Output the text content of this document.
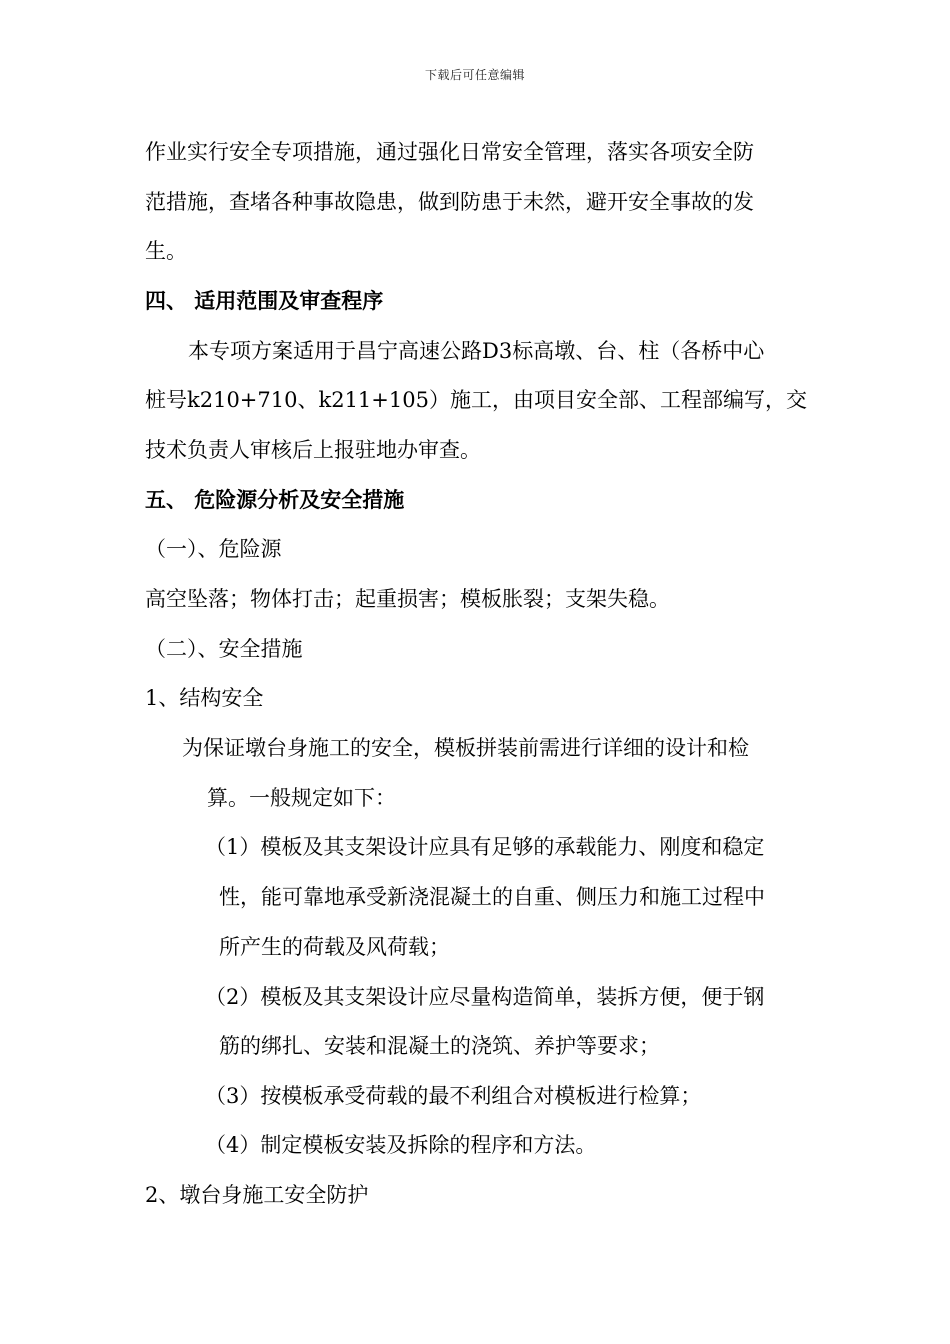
下载后可任意编辑
作业实行安全专项措施，通过强化日常安全管理，落实各项安全防
范措施，查堵各种事故隐患，做到防患于未然，避开安全事故的发
生。
四、 适用范围及审查程序
本专项方案适用于昌宁高速公路D3标高墩、台、柱（各桥中心
桩号k210+710、k211+105）施工，由项目安全部、工程部编写，交
技术负责人审核后上报驻地办审查。
五、 危险源分析及安全措施
（一）、危险源
高空坠落；物体打击；起重损害；模板胀裂；支架失稳。
（二）、安全措施
1、结构安全
为保证墩台身施工的安全，模板拼装前需进行详细的设计和检
算。一般规定如下：
（1）模板及其支架设计应具有足够的承载能力、刚度和稳定
性，能可靠地承受新浇混凝土的自重、侧压力和施工过程中
所产生的荷载及风荷载；
（2）模板及其支架设计应尽量构造简单，装拆方便，便于钢
筋的绑扎、安装和混凝土的浇筑、养护等要求；
（3）按模板承受荷载的最不利组合对模板进行检算；
（4）制定模板安装及拆除的程序和方法。
2、墩台身施工安全防护
